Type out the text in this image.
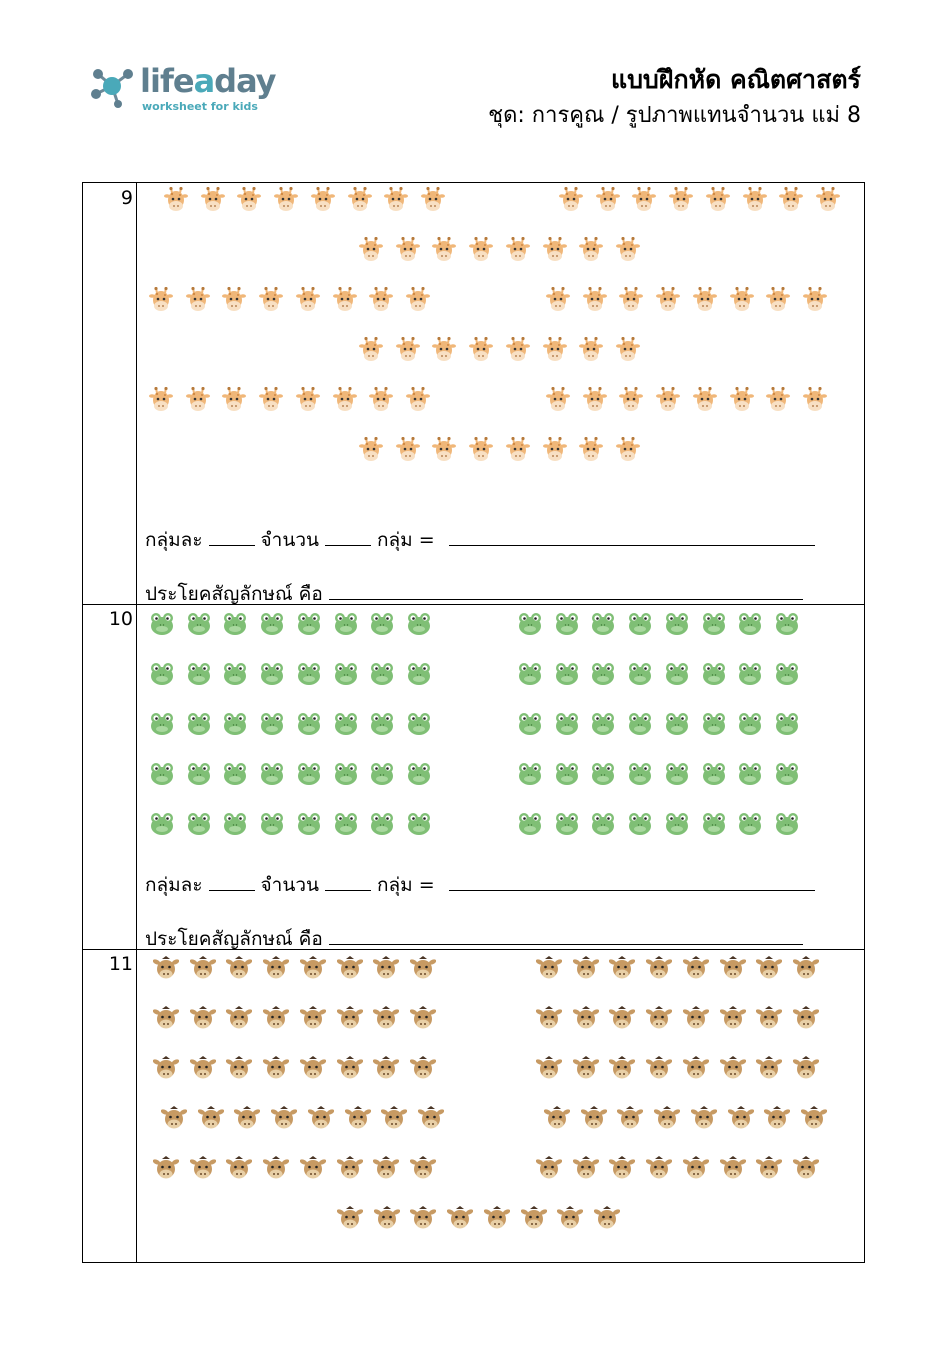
lifeaday
worksheet for kids
แบบฝึกหัด คณิตศาสตร์
ชุด: การคูณ / รูปภาพแทนจำนวน แม่ 8
9
กลุ่มละ	จำนวน	กลุ่ม =
ประโยคสัญลักษณ์ คือ
10
กลุ่มละ	จำนวน	กลุ่ม =
ประโยคสัญลักษณ์ คือ
11
